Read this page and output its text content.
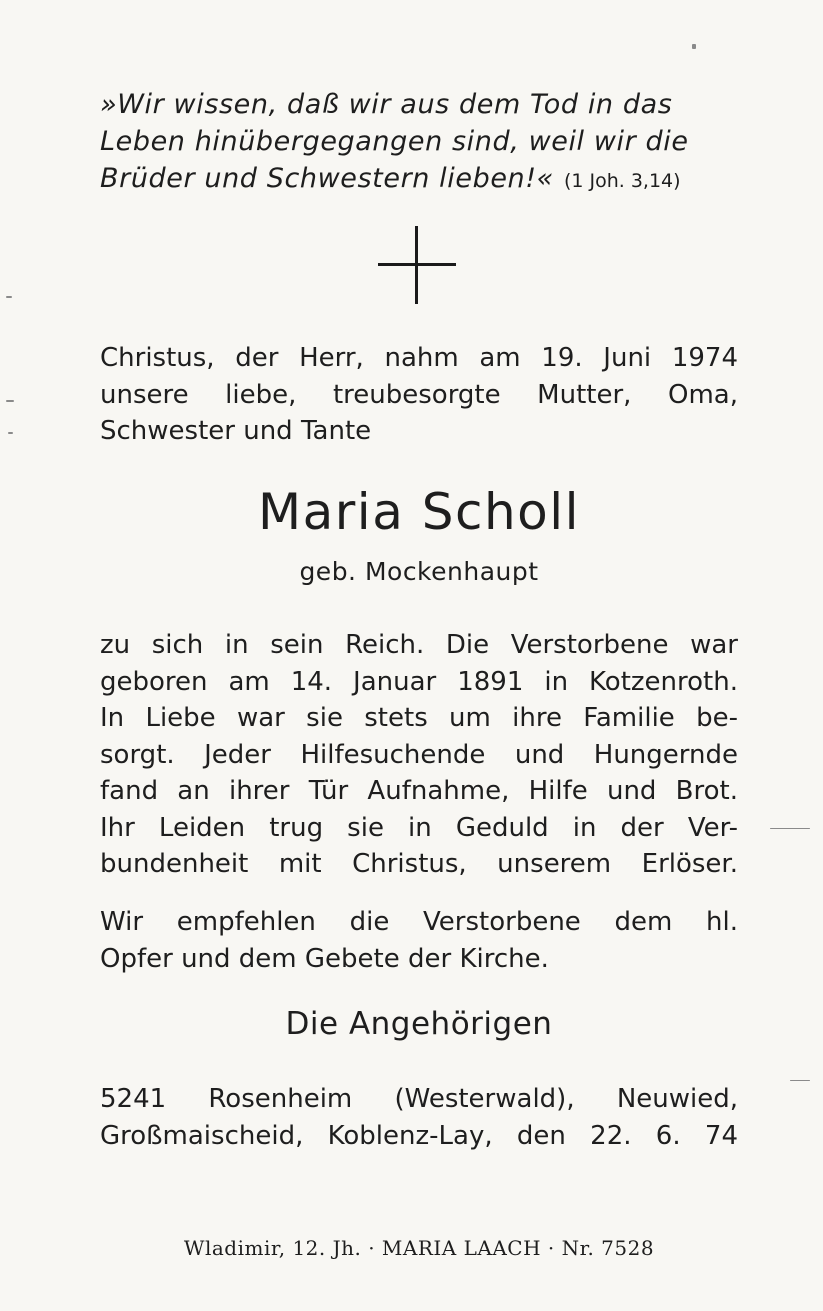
»Wir wissen, daß wir aus dem Tod in das
Leben hinübergegangen sind, weil wir die
Brüder und Schwestern lieben!« (1 Joh. 3,14)
Christus, der Herr, nahm am 19. Juni 1974
unsere liebe, treubesorgte Mutter, Oma,
Schwester und Tante
Maria Scholl
geb. Mockenhaupt
zu sich in sein Reich. Die Verstorbene war
geboren am 14. Januar 1891 in Kotzenroth.
In Liebe war sie stets um ihre Familie be-
sorgt. Jeder Hilfesuchende und Hungernde
fand an ihrer Tür Aufnahme, Hilfe und Brot.
Ihr Leiden trug sie in Geduld in der Ver-
bundenheit mit Christus, unserem Erlöser.
Wir empfehlen die Verstorbene dem hl.
Opfer und dem Gebete der Kirche.
Die Angehörigen
5241 Rosenheim (Westerwald), Neuwied,
Großmaischeid, Koblenz-Lay, den 22. 6. 74
Wladimir, 12. Jh. · MARIA LAACH · Nr. 7528
